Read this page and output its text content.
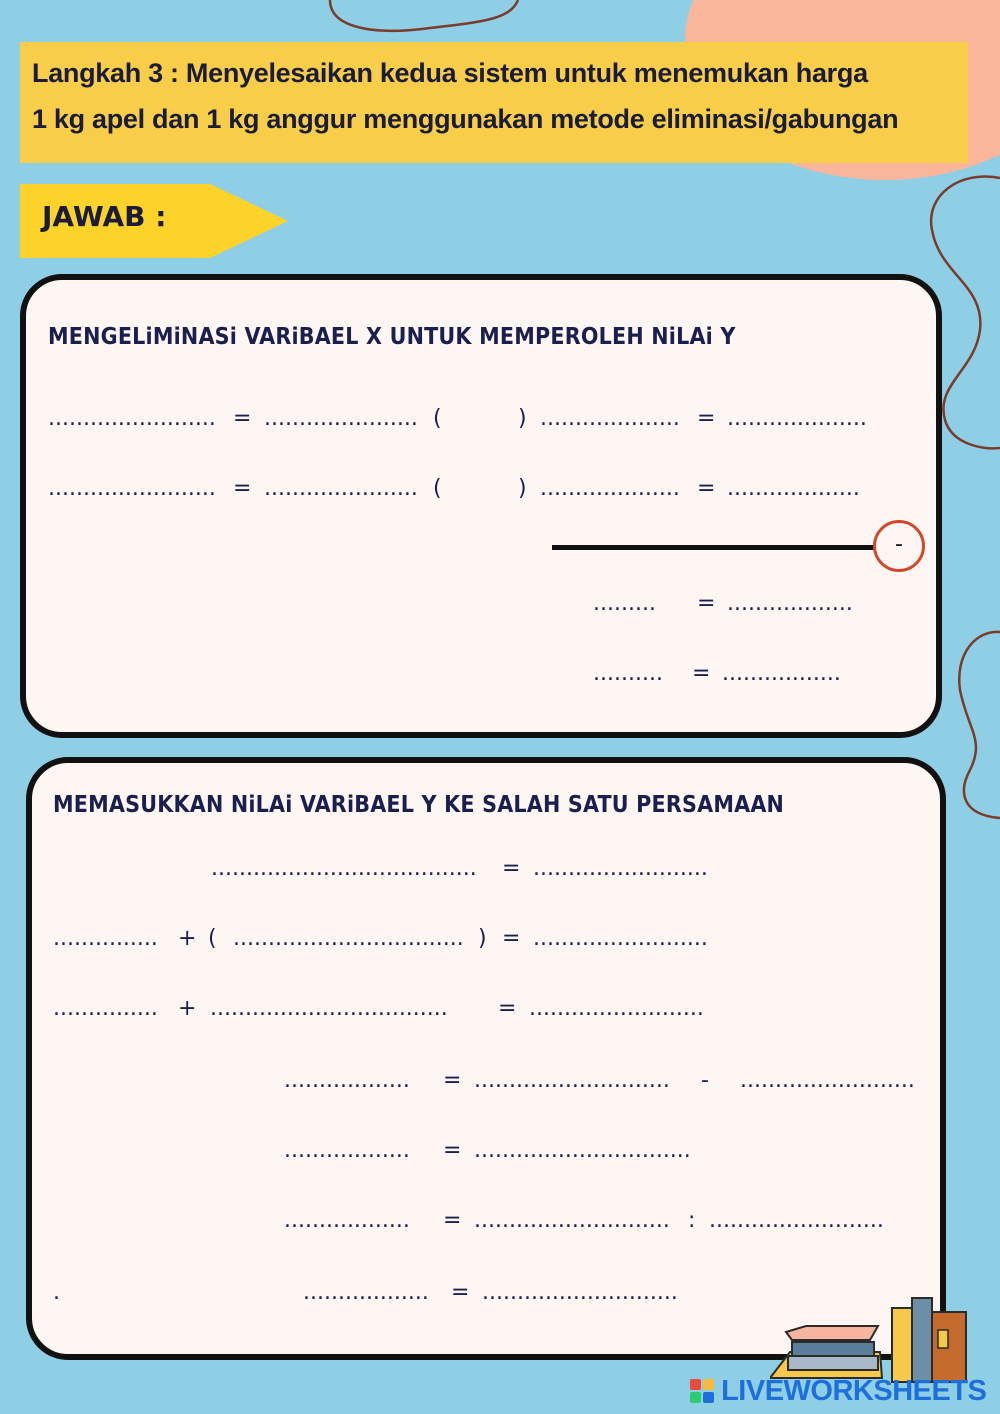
Langkah 3 : Menyelesaikan kedua sistem untuk menemukan harga
1 kg apel dan 1 kg anggur menggunakan metode eliminasi/gabungan
JAWAB :
MENGELiMiNASi VARiBAEL X UNTUK MEMPEROLEH NiLAi Y
........................ = ...................... (	) .................... = ....................
........................ = ...................... (	) .................... = ...................
-
......... = ..................
.......... = .................
MEMASUKKAN NiLAi VARiBAEL Y KE SALAH SATU PERSAMAAN
...................................... = .........................
............... + ( ................................. ) = .........................
............... + .................................. = .........................
.................. = ............................ - .........................
.................. = ...............................
.................. = ............................ : .........................
.	.................. = ............................
LIVEWORKSHEETS
